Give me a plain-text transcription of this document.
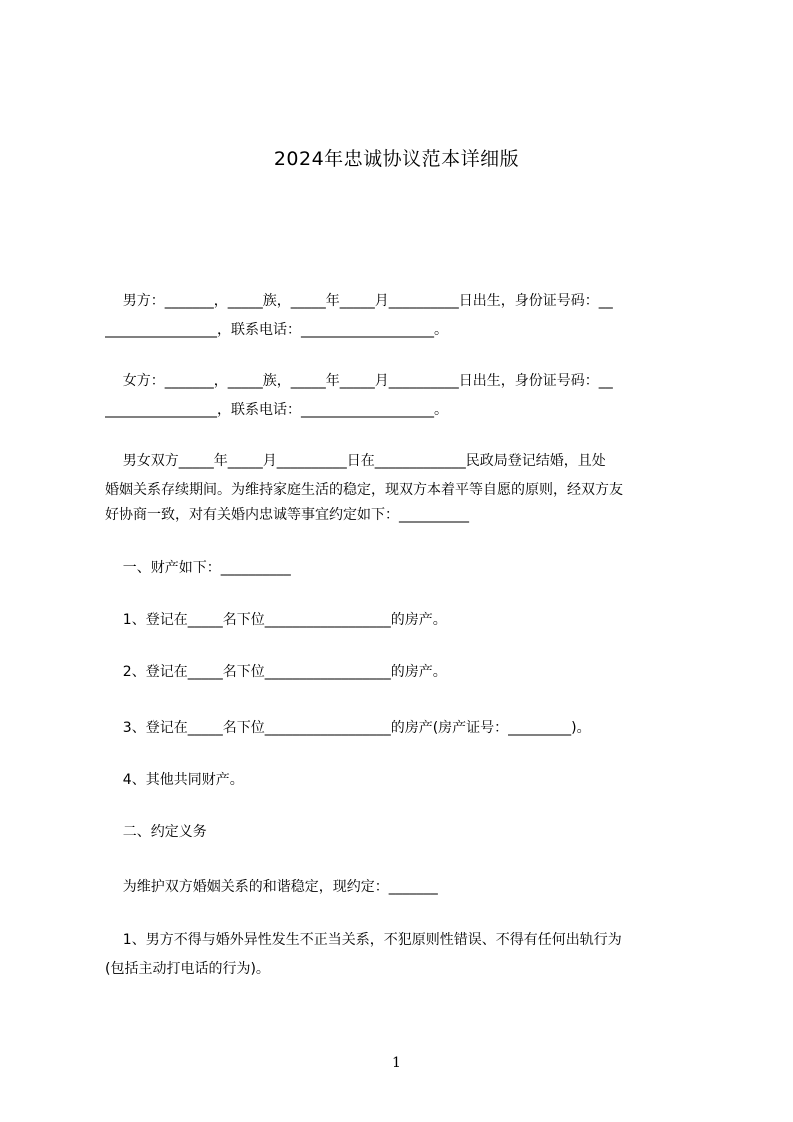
2024年忠诚协议范本详细版
男方：_______，_____族，_____年_____月__________日出生，身份证号码：__
________________，联系电话：___________________。
女方：_______，_____族，_____年_____月__________日出生，身份证号码：__
________________，联系电话：___________________。
男女双方_____年_____月__________日在_____________民政局登记结婚，且处
婚姻关系存续期间。为维持家庭生活的稳定，现双方本着平等自愿的原则，经双方友
好协商一致，对有关婚内忠诚等事宜约定如下：__________
一、财产如下：__________
1、登记在_____名下位__________________的房产。
2、登记在_____名下位__________________的房产。
3、登记在_____名下位__________________的房产(房产证号：_________)。
4、其他共同财产。
二、约定义务
为维护双方婚姻关系的和谐稳定，现约定：_______
1、男方不得与婚外异性发生不正当关系，不犯原则性错误、不得有任何出轨行为
(包括主动打电话的行为)。
1
